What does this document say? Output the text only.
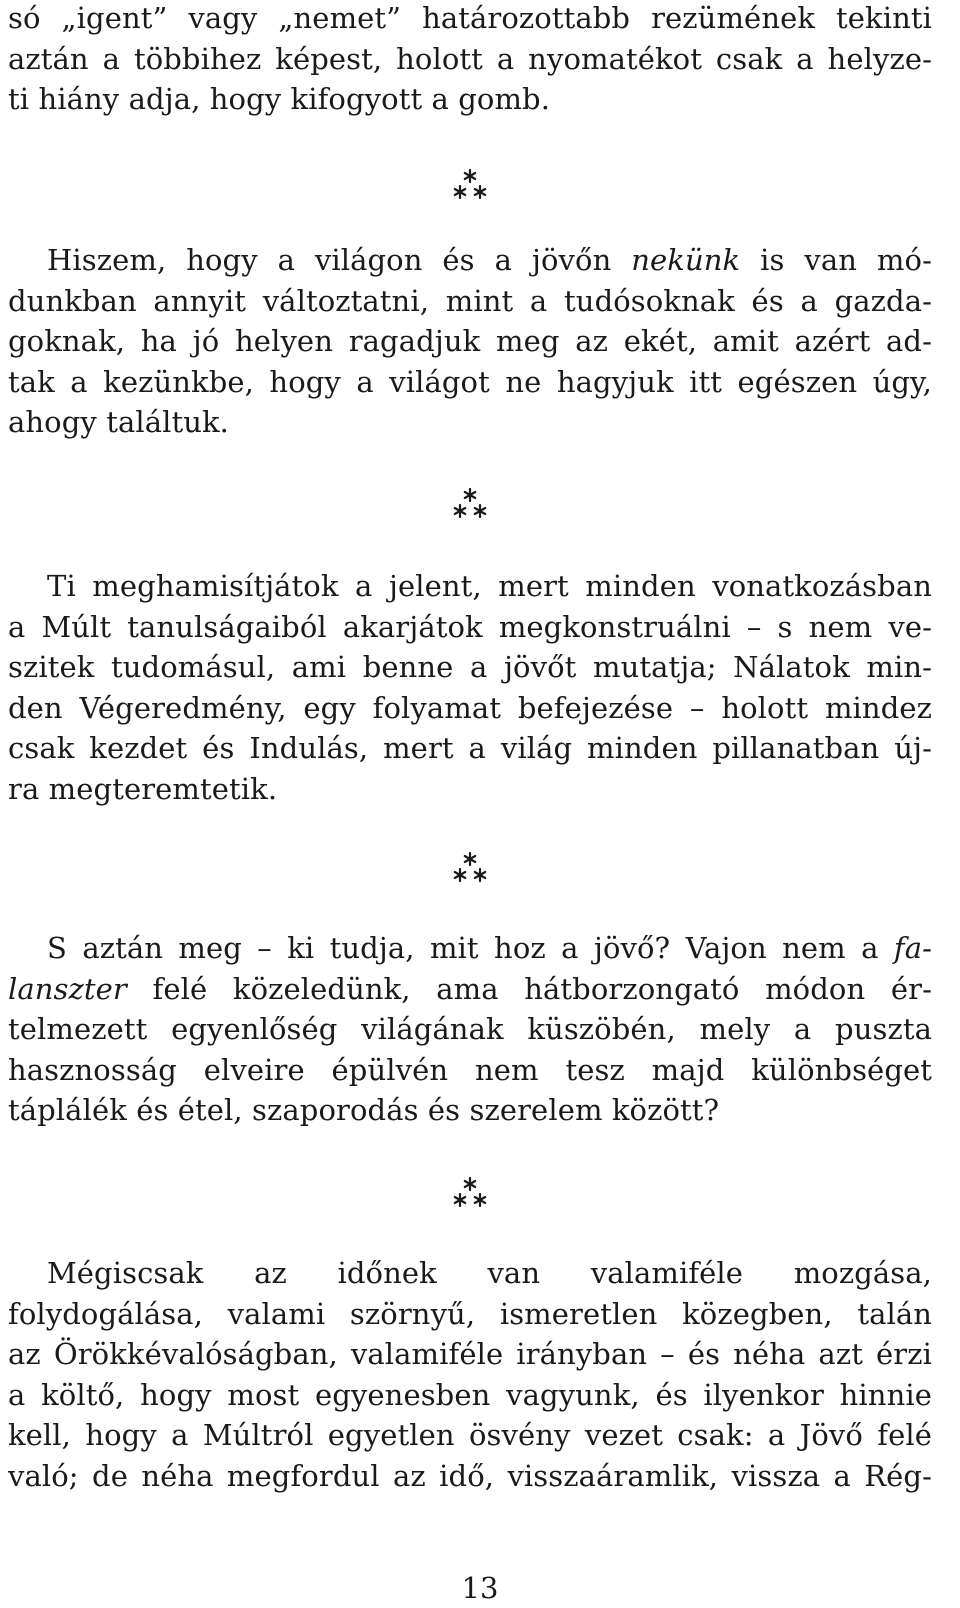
só „igent” vagy „nemet” határozottabb rezümének tekinti
aztán a többihez képest, holott a nyomatékot csak a helyze-
ti hiány adja, hogy kifogyott a gomb.
Hiszem, hogy a világon és a jövőn nekünk is van mó-
dunkban annyit változtatni, mint a tudósoknak és a gazda-
goknak, ha jó helyen ragadjuk meg az ekét, amit azért ad-
tak a kezünkbe, hogy a világot ne hagyjuk itt egészen úgy,
ahogy találtuk.
Ti meghamisítjátok a jelent, mert minden vonatkozásban
a Múlt tanulságaiból akarjátok megkonstruálni – s nem ve-
szitek tudomásul, ami benne a jövőt mutatja; Nálatok min-
den Végeredmény, egy folyamat befejezése – holott mindez
csak kezdet és Indulás, mert a világ minden pillanatban új-
ra megteremtetik.
S aztán meg – ki tudja, mit hoz a jövő? Vajon nem a fa-
lanszter felé közeledünk, ama hátborzongató módon ér-
telmezett egyenlőség világának küszöbén, mely a puszta
hasznosság elveire épülvén nem tesz majd különbséget
táplálék és étel, szaporodás és szerelem között?
Mégiscsak az időnek van valamiféle mozgása,
folydogálása, valami szörnyű, ismeretlen közegben, talán
az Örökkévalóságban, valamiféle irányban – és néha azt érzi
a költő, hogy most egyenesben vagyunk, és ilyenkor hinnie
kell, hogy a Múltról egyetlen ösvény vezet csak: a Jövő felé
való; de néha megfordul az idő, visszaáramlik, vissza a Rég-
13
